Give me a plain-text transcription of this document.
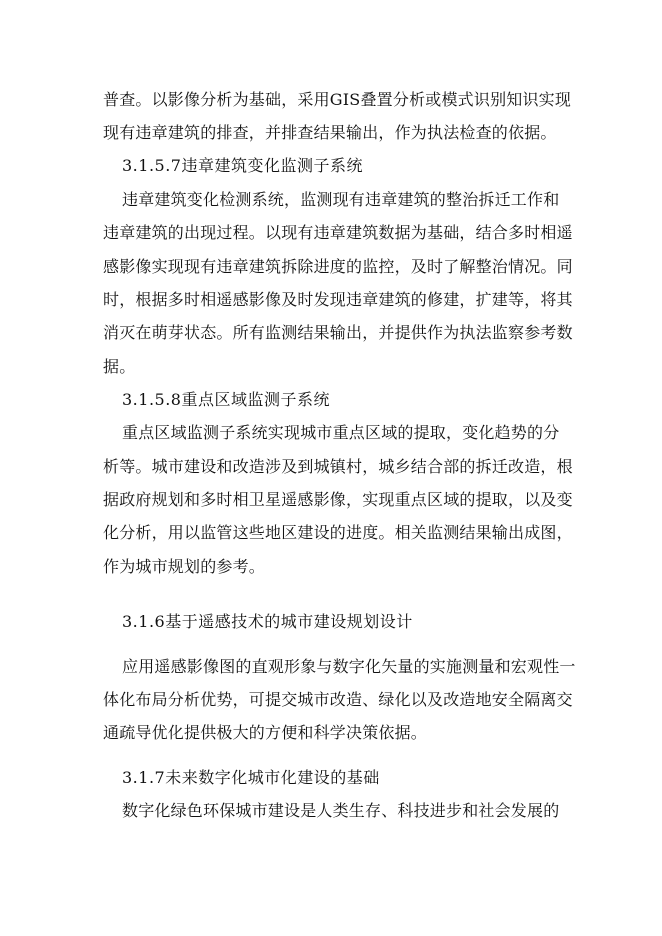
普查。以影像分析为基础，采用GIS叠置分析或模式识别知识实现
现有违章建筑的排查，并排查结果输出，作为执法检查的依据。
3.1.5.7违章建筑变化监测子系统
违章建筑变化检测系统，监测现有违章建筑的整治拆迁工作和
违章建筑的出现过程。以现有违章建筑数据为基础，结合多时相遥
感影像实现现有违章建筑拆除进度的监控，及时了解整治情况。同
时，根据多时相遥感影像及时发现违章建筑的修建，扩建等，将其
消灭在萌芽状态。所有监测结果输出，并提供作为执法监察参考数
据。
3.1.5.8重点区域监测子系统
重点区域监测子系统实现城市重点区域的提取，变化趋势的分
析等。城市建设和改造涉及到城镇村，城乡结合部的拆迁改造，根
据政府规划和多时相卫星遥感影像，实现重点区域的提取，以及变
化分析，用以监管这些地区建设的进度。相关监测结果输出成图，
作为城市规划的参考。
3.1.6基于遥感技术的城市建设规划设计
应用遥感影像图的直观形象与数字化矢量的实施测量和宏观性一
体化布局分析优势，可提交城市改造、绿化以及改造地安全隔离交
通疏导优化提供极大的方便和科学决策依据。
3.1.7未来数字化城市化建设的基础
数字化绿色环保城市建设是人类生存、科技进步和社会发展的
